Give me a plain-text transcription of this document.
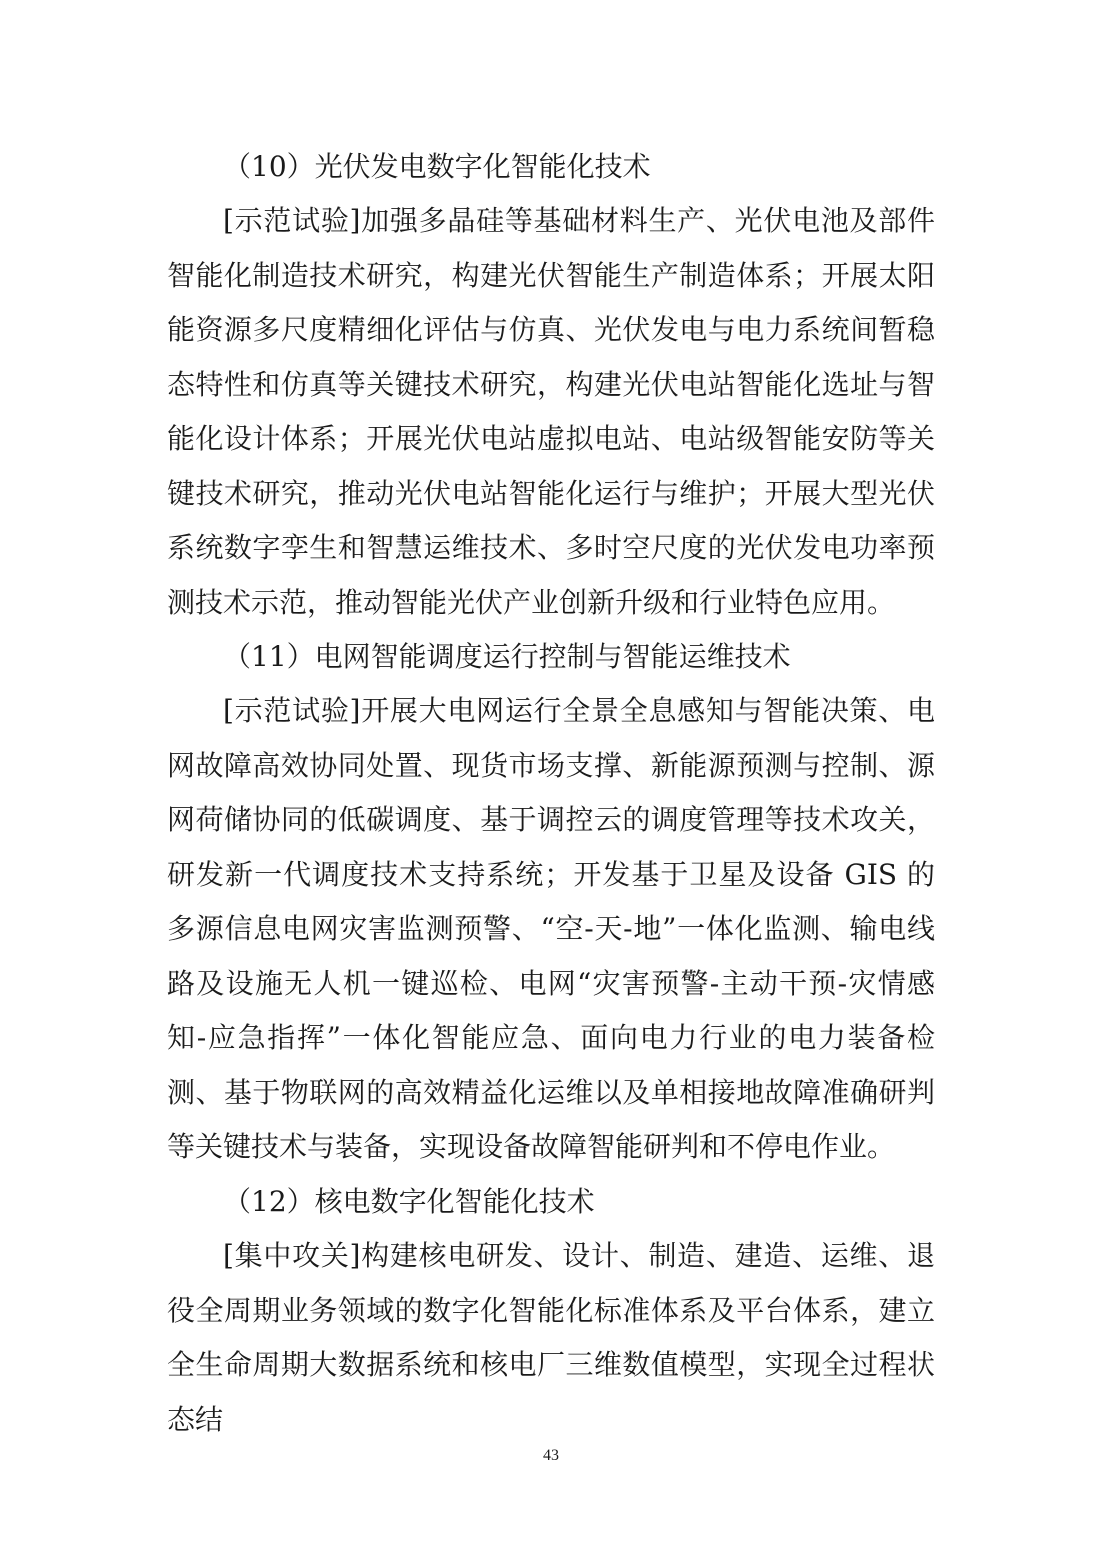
（10）光伏发电数字化智能化技术

[示范试验]加强多晶硅等基础材料生产、光伏电池及部件智能化制造技术研究，构建光伏智能生产制造体系；开展太阳能资源多尺度精细化评估与仿真、光伏发电与电力系统间暂稳态特性和仿真等关键技术研究，构建光伏电站智能化选址与智能化设计体系；开展光伏电站虚拟电站、电站级智能安防等关键技术研究，推动光伏电站智能化运行与维护；开展大型光伏系统数字孪生和智慧运维技术、多时空尺度的光伏发电功率预测技术示范，推动智能光伏产业创新升级和行业特色应用。

（11）电网智能调度运行控制与智能运维技术

[示范试验]开展大电网运行全景全息感知与智能决策、电网故障高效协同处置、现货市场支撑、新能源预测与控制、源网荷储协同的低碳调度、基于调控云的调度管理等技术攻关，研发新一代调度技术支持系统；开发基于卫星及设备 GIS 的多源信息电网灾害监测预警、“空-天-地”一体化监测、输电线路及设施无人机一键巡检、电网“灾害预警-主动干预-灾情感知-应急指挥”一体化智能应急、面向电力行业的电力装备检测、基于物联网的高效精益化运维以及单相接地故障准确研判等关键技术与装备，实现设备故障智能研判和不停电作业。

（12）核电数字化智能化技术

[集中攻关]构建核电研发、设计、制造、建造、运维、退役全周期业务领域的数字化智能化标准体系及平台体系，建立全生命周期大数据系统和核电厂三维数值模型，实现全过程状态结

43
